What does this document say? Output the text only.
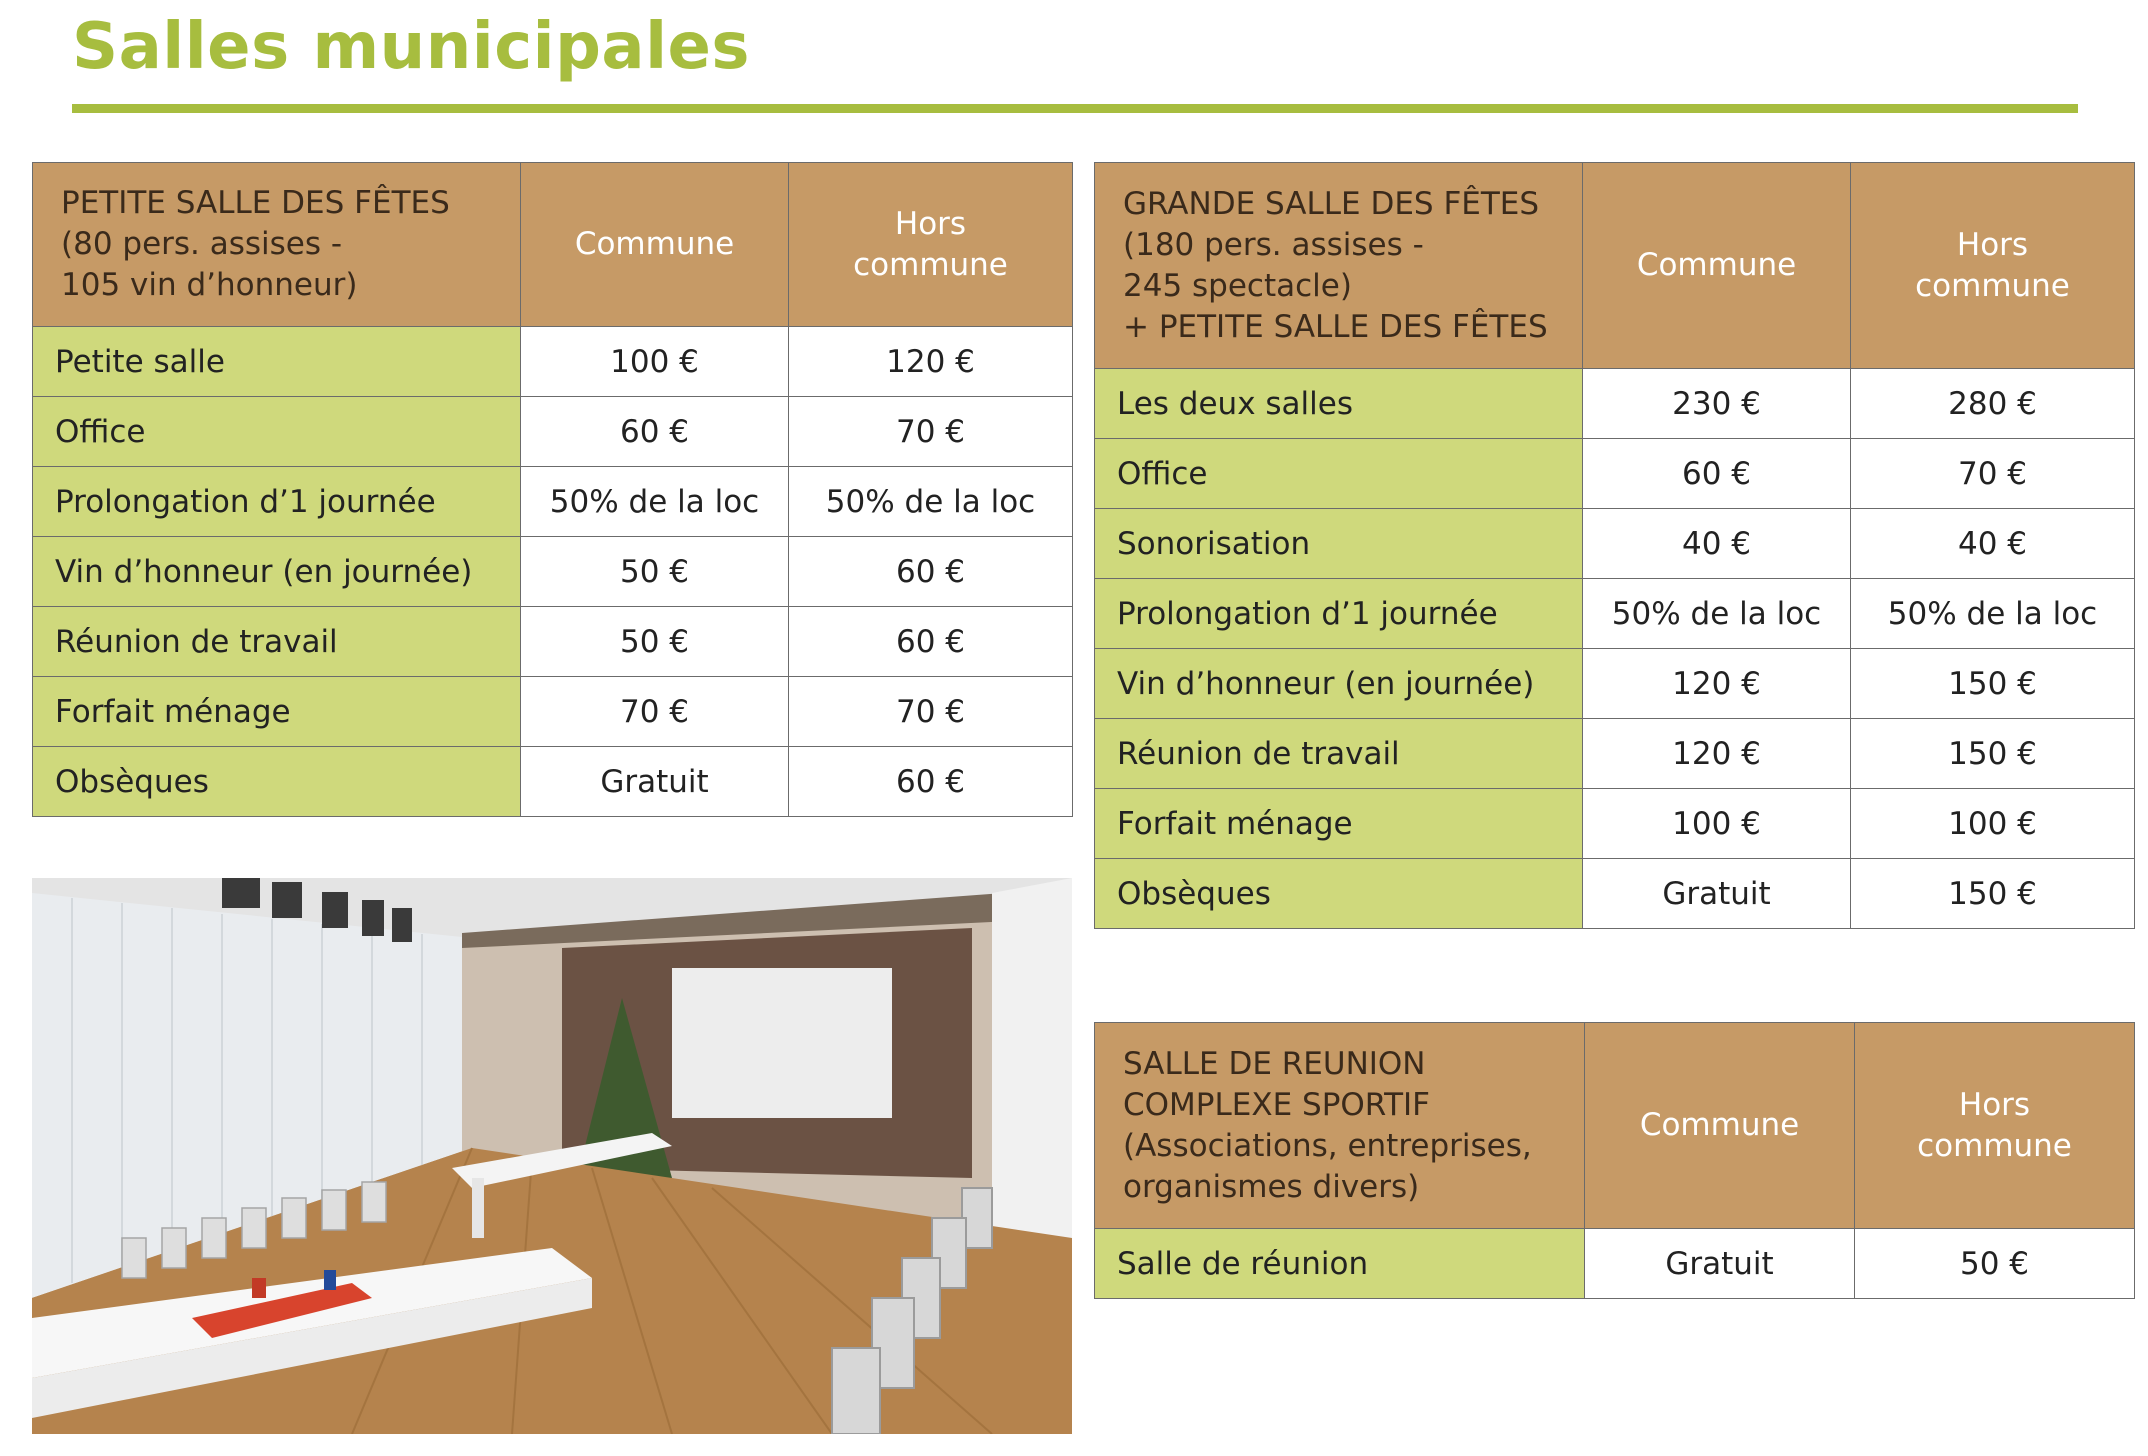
Salles municipales
PETITE SALLE DES FÊTES
(80 pers. assises -
105 vin d’honneur)	Commune	Hors
commune

Petite salle	100 €	120 €
Office	60 €	70 €
Prolongation d’1 journée	50% de la loc	50% de la loc
Vin d’honneur (en journée)	50 €	60 €
Réunion de travail	50 €	60 €
Forfait ménage	70 €	70 €
Obsèques	Gratuit	60 €
GRANDE SALLE DES FÊTES
(180 pers. assises -
245 spectacle)
+ PETITE SALLE DES FÊTES	Commune	Hors
commune

Les deux salles	230 €	280 €
Office	60 €	70 €
Sonorisation	40 €	40 €
Prolongation d’1 journée	50% de la loc	50% de la loc
Vin d’honneur (en journée)	120 €	150 €
Réunion de travail	120 €	150 €
Forfait ménage	100 €	100 €
Obsèques	Gratuit	150 €
SALLE DE REUNION
COMPLEXE SPORTIF
(Associations, entreprises,
organismes divers)	Commune	Hors
commune

Salle de réunion	Gratuit	50 €
